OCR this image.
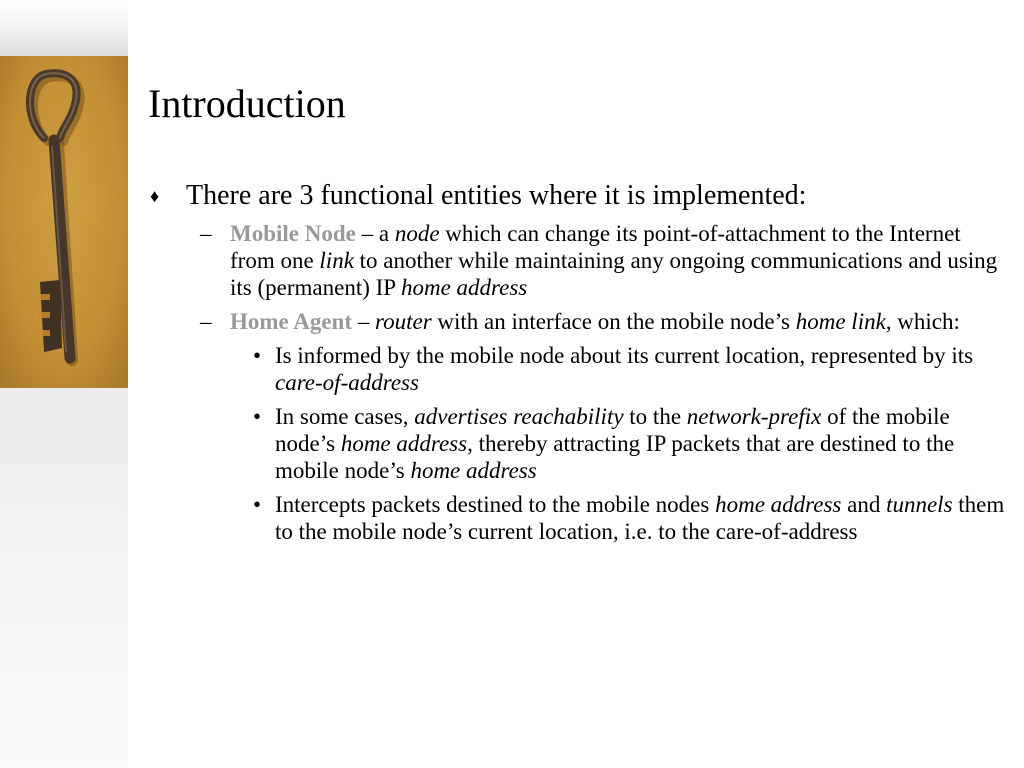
Introduction
♦ There are 3 functional entities where it is implemented:
– Mobile Node – a node which can change its point-of-attachment to the Internet from one link to another while maintaining any ongoing communications and using its (permanent) IP home address
– Home Agent – router with an interface on the mobile node’s home link, which:
• Is informed by the mobile node about its current location, represented by its care-of-address
• In some cases, advertises reachability to the network-prefix of the mobile node’s home address, thereby attracting IP packets that are destined to the mobile node’s home address
• Intercepts packets destined to the mobile nodes home address and tunnels them to the mobile node’s current location, i.e. to the care-of-address
